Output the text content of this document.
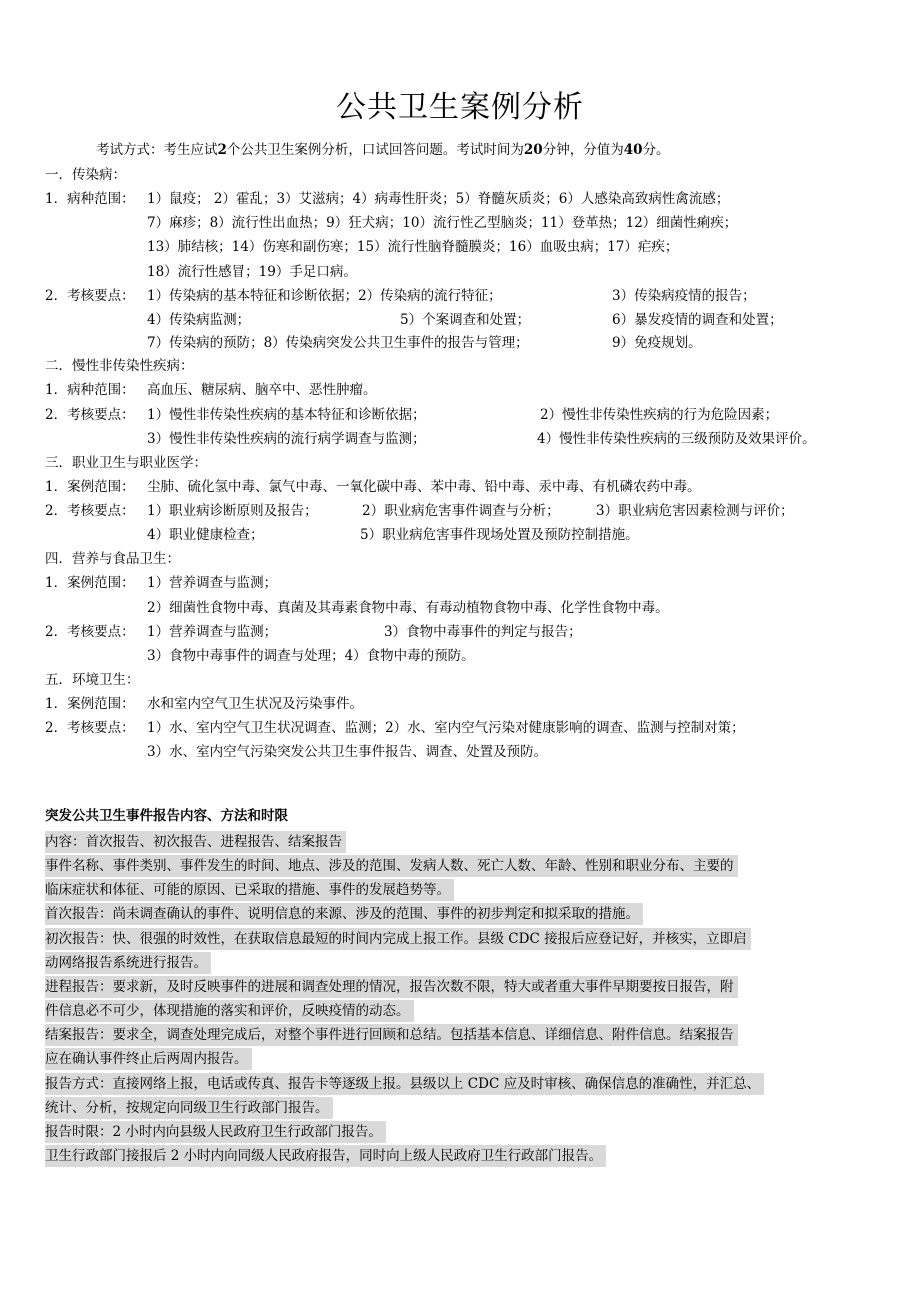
公共卫生案例分析
考试方式：考生应试2个公共卫生案例分析，口试回答问题。考试时间为20分钟，分值为40分。
一．传染病：
1．病种范围： 1）鼠疫； 2）霍乱；3）艾滋病；4）病毒性肝炎；5）脊髓灰质炎；6）人感染高致病性禽流感；
7）麻疹；8）流行性出血热；9）狂犬病；10）流行性乙型脑炎；11）登革热；12）细菌性痢疾；
13）肺结核；14）伤寒和副伤寒；15）流行性脑脊髓膜炎；16）血吸虫病；17）疟疾；
18）流行性感冒；19）手足口病。
2．考核要点： 1）传染病的基本特征和诊断依据；2）传染病的流行特征；	3）传染病疫情的报告；
4）传染病监测；	5）个案调查和处置；	6）暴发疫情的调查和处置；
7）传染病的预防；8）传染病突发公共卫生事件的报告与管理；	9）免疫规划。
二．慢性非传染性疾病：
1．病种范围： 高血压、糖尿病、脑卒中、恶性肿瘤。
2．考核要点： 1）慢性非传染性疾病的基本特征和诊断依据；	2）慢性非传染性疾病的行为危险因素；
3）慢性非传染性疾病的流行病学调查与监测；	4）慢性非传染性疾病的三级预防及效果评价。
三．职业卫生与职业医学：
1．案例范围： 尘肺、硫化氢中毒、氯气中毒、一氧化碳中毒、苯中毒、铅中毒、汞中毒、有机磷农药中毒。
2．考核要点： 1）职业病诊断原则及报告；	2）职业病危害事件调查与分析；	3）职业病危害因素检测与评价；
4）职业健康检查；	5）职业病危害事件现场处置及预防控制措施。
四．营养与食品卫生：
1．案例范围： 1）营养调查与监测；
2）细菌性食物中毒、真菌及其毒素食物中毒、有毒动植物食物中毒、化学性食物中毒。
2．考核要点： 1）营养调查与监测；	3）食物中毒事件的判定与报告；
3）食物中毒事件的调查与处理；4）食物中毒的预防。
五．环境卫生：
1．案例范围： 水和室内空气卫生状况及污染事件。
2．考核要点： 1）水、室内空气卫生状况调查、监测；2）水、室内空气污染对健康影响的调查、监测与控制对策；
3）水、室内空气污染突发公共卫生事件报告、调查、处置及预防。
突发公共卫生事件报告内容、方法和时限
内容：首次报告、初次报告、进程报告、结案报告
事件名称、事件类别、事件发生的时间、地点、涉及的范围、发病人数、死亡人数、年龄、性别和职业分布、主要的
临床症状和体征、可能的原因、已采取的措施、事件的发展趋势等。
首次报告：尚未调查确认的事件、说明信息的来源、涉及的范围、事件的初步判定和拟采取的措施。
初次报告：快、很强的时效性，在获取信息最短的时间内完成上报工作。县级 CDC 接报后应登记好，并核实，立即启
动网络报告系统进行报告。
进程报告：要求新，及时反映事件的进展和调查处理的情况，报告次数不限，特大或者重大事件早期要按日报告，附
件信息必不可少，体现措施的落实和评价，反映疫情的动态。
结案报告：要求全，调查处理完成后，对整个事件进行回顾和总结。包括基本信息、详细信息、附件信息。结案报告
应在确认事件终止后两周内报告。
报告方式：直接网络上报，电话或传真、报告卡等逐级上报。县级以上 CDC 应及时审核、确保信息的准确性，并汇总、
统计、分析，按规定向同级卫生行政部门报告。
报告时限：2 小时内向县级人民政府卫生行政部门报告。
卫生行政部门接报后 2 小时内向同级人民政府报告，同时向上级人民政府卫生行政部门报告。
